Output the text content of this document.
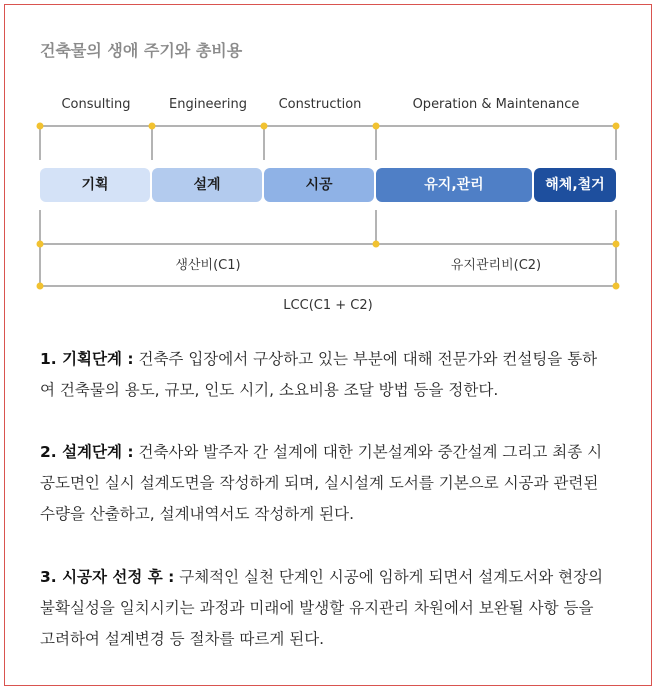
건축물의 생애 주기와 총비용
Consulting	Engineering	Construction	Operation & Maintenance
기획	설계	시공	유지,관리	해체,철거
생산비(C1)	유지관리비(C2)
LCC(C1 + C2)
1. 기획단계 : 건축주 입장에서 구상하고 있는 부분에 대해 전문가와 컨설팅을 통하
여 건축물의 용도, 규모, 인도 시기, 소요비용 조달 방법 등을 정한다.
2. 설계단계 : 건축사와 발주자 간 설계에 대한 기본설계와 중간설계 그리고 최종 시
공도면인 실시 설계도면을 작성하게 되며, 실시설계 도서를 기본으로 시공과 관련된
수량을 산출하고, 설계내역서도 작성하게 된다.
3. 시공자 선정 후 : 구체적인 실천 단계인 시공에 임하게 되면서 설계도서와 현장의
불확실성을 일치시키는 과정과 미래에 발생할 유지관리 차원에서 보완될 사항 등을
고려하여 설계변경 등 절차를 따르게 된다.
